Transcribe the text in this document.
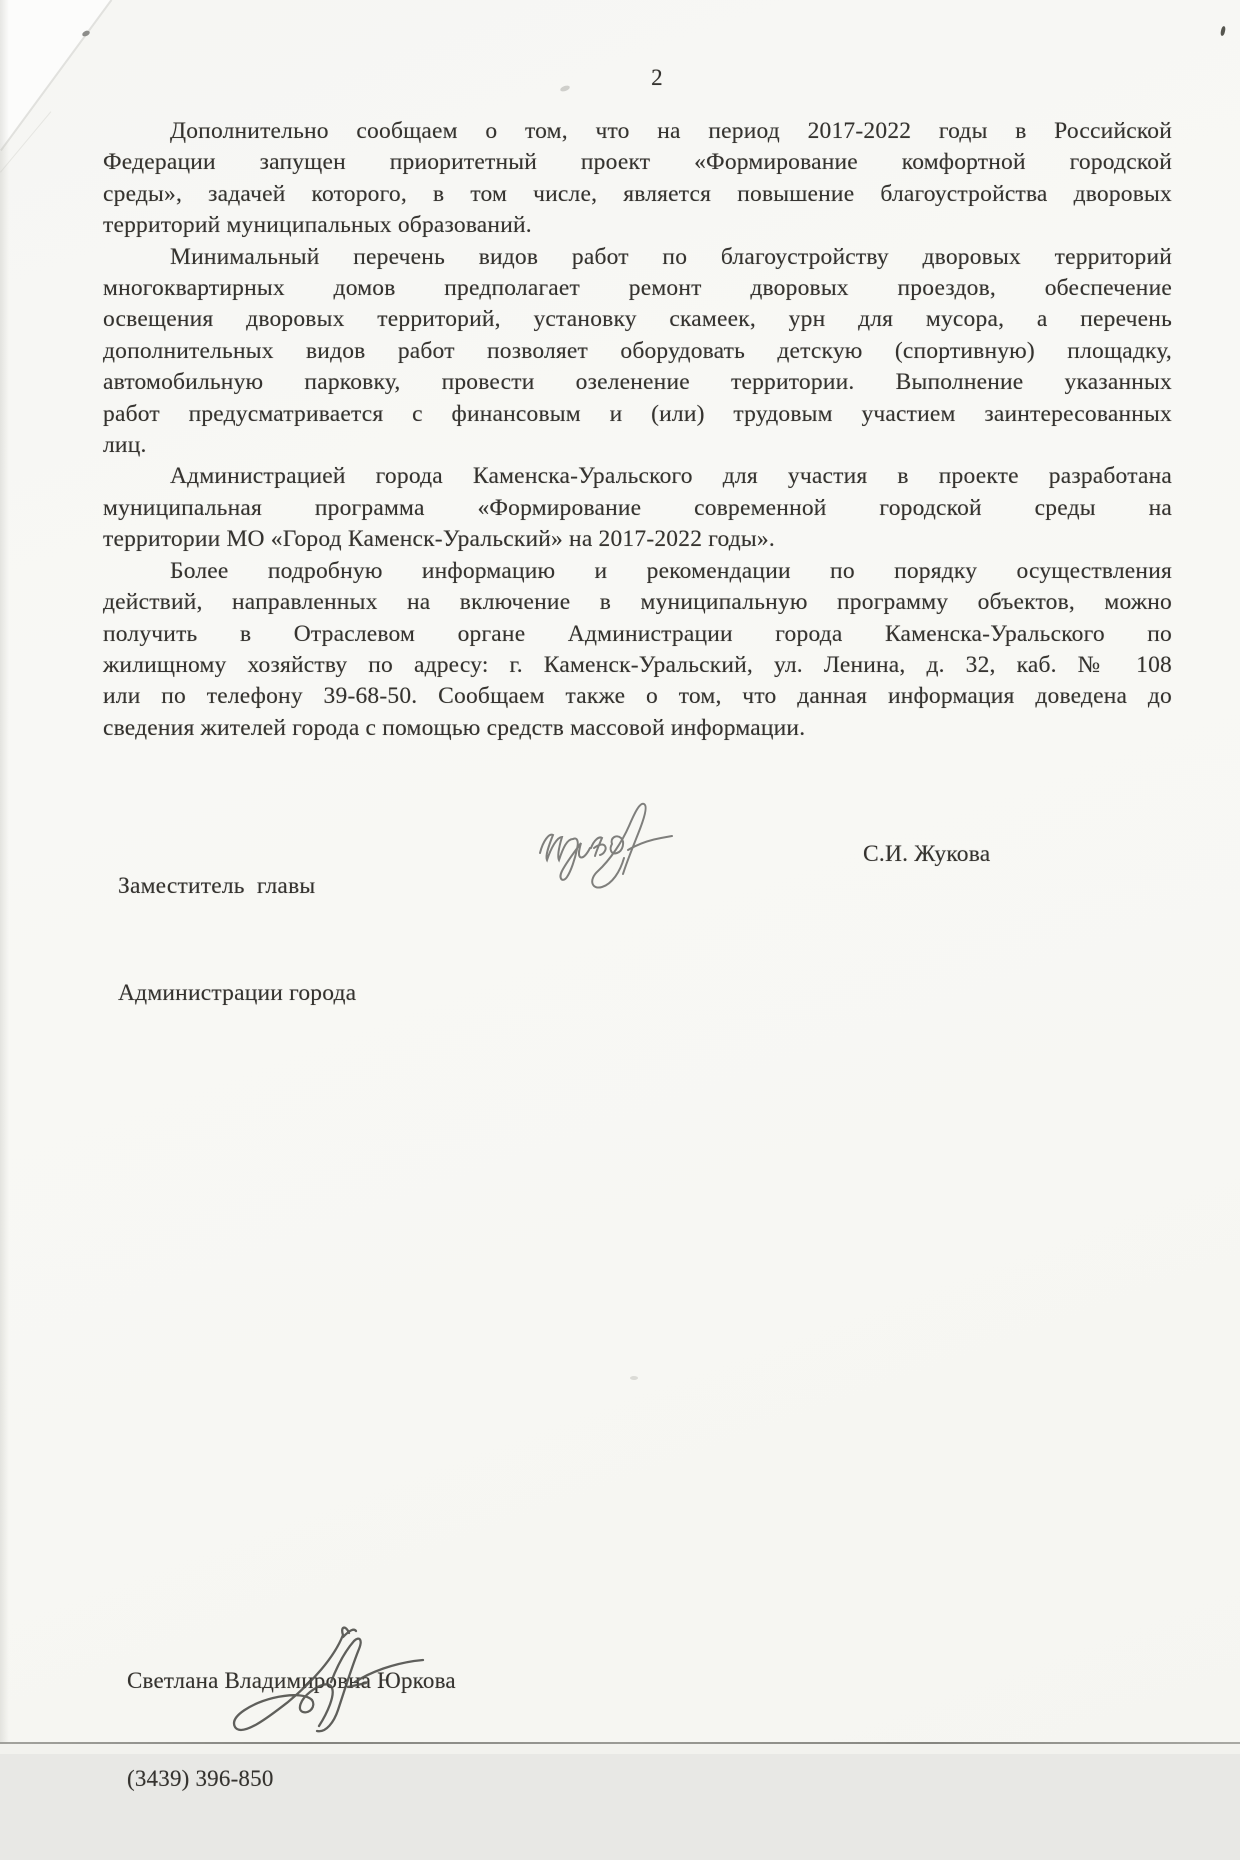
2
Дополнительно сообщаем о том, что на период 2017-2022 годы в Российской
Федерации запущен приоритетный проект «Формирование комфортной городской
среды», задачей которого, в том числе, является повышение благоустройства дворовых
территорий муниципальных образований.
Минимальный перечень видов работ по благоустройству дворовых территорий
многоквартирных домов предполагает ремонт дворовых проездов, обеспечение
освещения дворовых территорий, установку скамеек, урн для мусора, а перечень
дополнительных видов работ позволяет оборудовать детскую (спортивную) площадку,
автомобильную парковку, провести озеленение территории. Выполнение указанных
работ предусматривается с финансовым и (или) трудовым участием заинтересованных
лиц.
Администрацией города Каменска-Уральского для участия в проекте разработана
муниципальная программа «Формирование современной городской среды на
территории МО «Город Каменск-Уральский» на 2017-2022 годы».
Более подробную информацию и рекомендации по порядку осуществления
действий, направленных на включение в муниципальную программу объектов, можно
получить в Отраслевом органе Администрации города Каменска-Уральского по
жилищному хозяйству по адресу: г. Каменск-Уральский, ул. Ленина, д. 32, каб. № 108
или по телефону 39-68-50. Сообщаем также о том, что данная информация доведена до
сведения жителей города с помощью средств массовой информации.

Заместитель  главы

Администрации города

С.И. Жукова

Светлана Владимировна Юркова

(3439) 396-850
